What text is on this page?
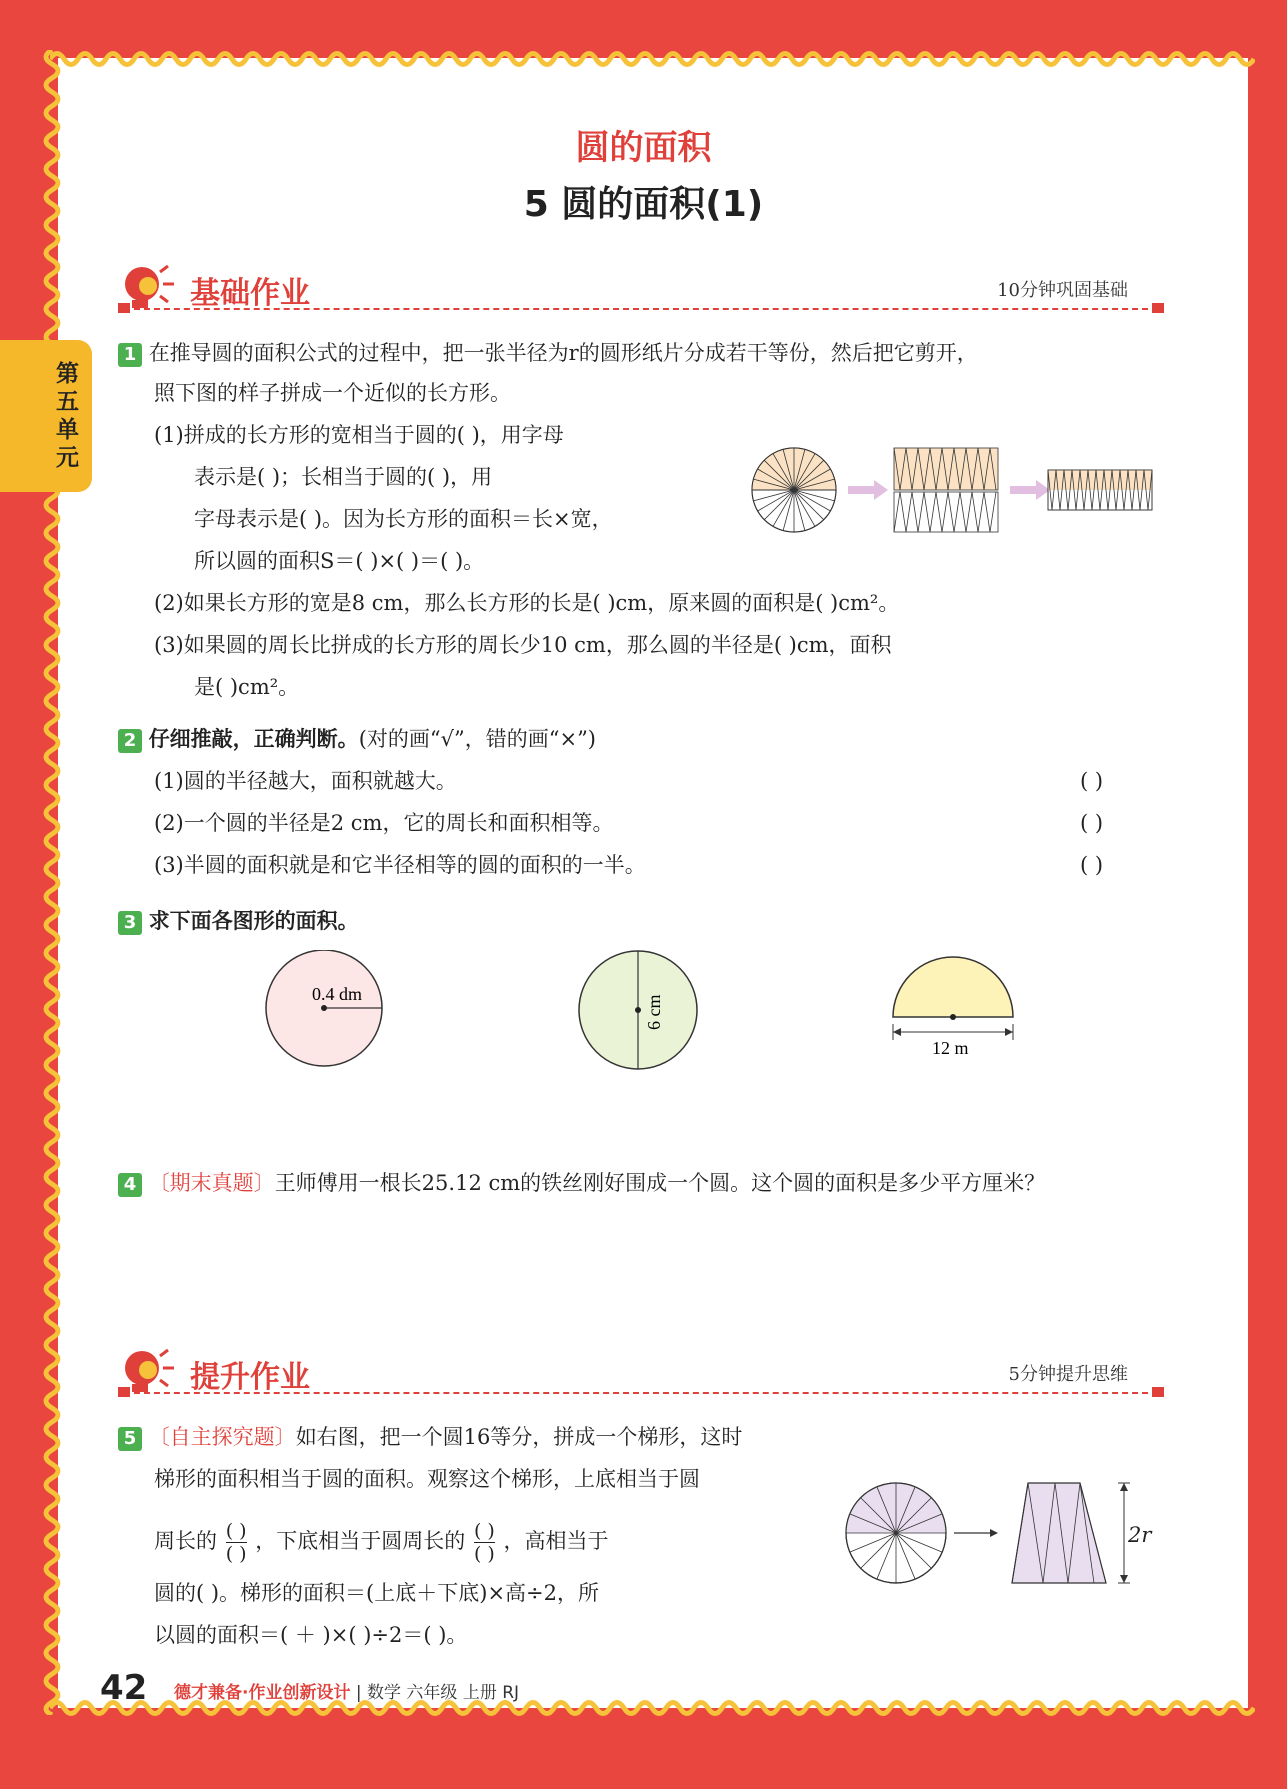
第五单元
圆的面积
5 圆的面积(1)
基础作业	10分钟巩固基础
1 在推导圆的面积公式的过程中，把一张半径为r的圆形纸片分成若干等份，然后把它剪开，
照下图的样子拼成一个近似的长方形。
(1)拼成的长方形的宽相当于圆的( )，用字母
表示是( )；长相当于圆的( )，用
字母表示是( )。因为长方形的面积＝长×宽，
所以圆的面积S＝( )×( )＝( )。
(2)如果长方形的宽是8 cm，那么长方形的长是( )cm，原来圆的面积是( )cm²。
(3)如果圆的周长比拼成的长方形的周长少10 cm，那么圆的半径是( )cm，面积
是( )cm²。
2 仔细推敲，正确判断。(对的画“√”，错的画“×”)
(1)圆的半径越大，面积就越大。	( )
(2)一个圆的半径是2 cm，它的周长和面积相等。	( )
(3)半圆的面积就是和它半径相等的圆的面积的一半。	( )
3 求下面各图形的面积。
0.4 dm
6 cm
12 m
4 〔期末真题〕王师傅用一根长25.12 cm的铁丝刚好围成一个圆。这个圆的面积是多少平方厘米？
提升作业	5分钟提升思维
5 〔自主探究题〕如右图，把一个圆16等分，拼成一个梯形，这时
梯形的面积相当于圆的面积。观察这个梯形，上底相当于圆
周长的 ( )
( )
，下底相当于圆周长的 ( )
( )
，高相当于
圆的( )。梯形的面积＝(上底＋下底)×高÷2，所
以圆的面积＝( ＋ )×( )÷2＝( )。
2r
42 德才兼备·作业创新设计 | 数学 六年级 上册 RJ
